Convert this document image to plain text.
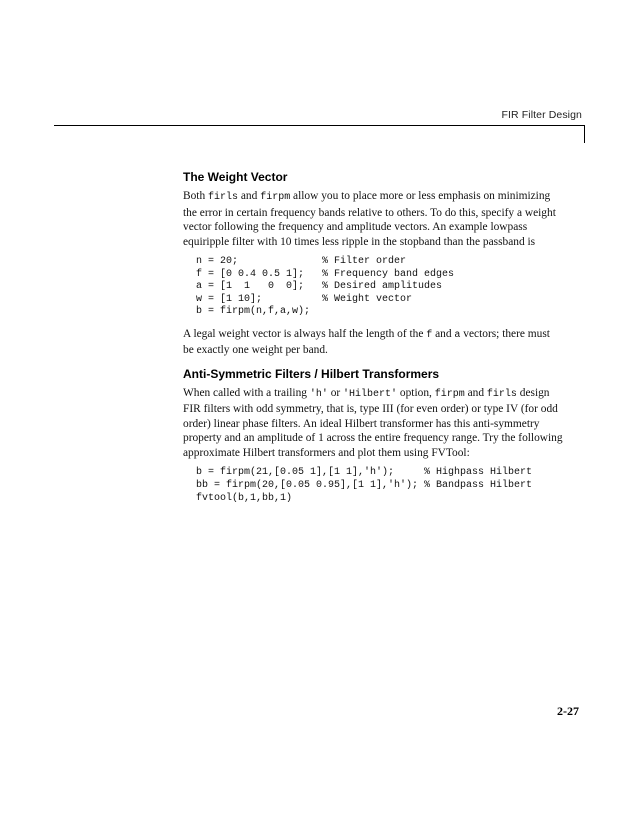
FIR Filter Design
The Weight Vector

Both firls and firpm allow you to place more or less emphasis on minimizing the error in certain frequency bands relative to others. To do this, specify a weight vector following the frequency and amplitude vectors. An example lowpass equiripple filter with 10 times less ripple in the stopband than the passband is

n = 20;              % Filter order
f = [0 0.4 0.5 1];   % Frequency band edges
a = [1  1   0  0];   % Desired amplitudes
w = [1 10];          % Weight vector
b = firpm(n,f,a,w);

A legal weight vector is always half the length of the f and a vectors; there must be exactly one weight per band.

Anti-Symmetric Filters / Hilbert Transformers

When called with a trailing 'h' or 'Hilbert' option, firpm and firls design FIR filters with odd symmetry, that is, type III (for even order) or type IV (for odd order) linear phase filters. An ideal Hilbert transformer has this anti-symmetry property and an amplitude of 1 across the entire frequency range. Try the following approximate Hilbert transformers and plot them using FVTool:

b = firpm(21,[0.05 1],[1 1],'h');     % Highpass Hilbert
bb = firpm(20,[0.05 0.95],[1 1],'h'); % Bandpass Hilbert
fvtool(b,1,bb,1)
2-27
